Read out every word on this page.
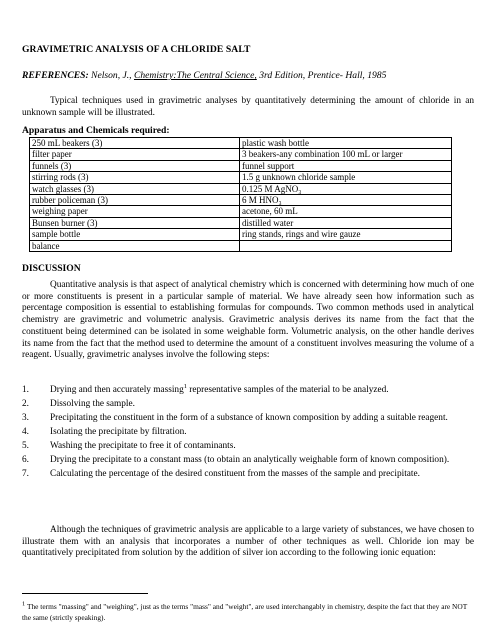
GRAVIMETRIC ANALYSIS OF A CHLORIDE SALT
REFERENCES: Nelson, J., Chemistry:The Central Science, 3rd Edition, Prentice- Hall, 1985
Typical techniques used in gravimetric analyses by quantitatively determining the amount of chloride in an unknown sample will be illustrated.
Apparatus and Chemicals required:
250 mL beakers (3)	plastic wash bottle
filter paper	3 beakers-any combination 100 mL or larger
funnels (3)	funnel support
stirring rods (3)	1.5 g unknown chloride sample
watch glasses (3)	0.125 M AgNO₃
rubber policeman (3)	6 M HNO₃
weighing paper	acetone, 60 mL
Bunsen burner (3)	distilled water
sample bottle	ring stands, rings and wire gauze
balance	
DISCUSSION
Quantitative analysis is that aspect of analytical chemistry which is concerned with determining how much of one or more constituents is present in a particular sample of material. We have already seen how information such as percentage composition is essential to establishing formulas for compounds. Two common methods used in analytical chemistry are gravimetric and volumetric analysis. Gravimetric analysis derives its name from the fact that the constituent being determined can be isolated in some weighable form. Volumetric analysis, on the other handle derives its name from the fact that the method used to determine the amount of a constituent involves measuring the volume of a reagent. Usually, gravimetric analyses involve the following steps:
1. Drying and then accurately massing$^1$ representative samples of the material to be analyzed.
2. Dissolving the sample.
3. Precipitating the constituent in the form of a substance of known composition by adding a suitable reagent.
4. Isolating the precipitate by filtration.
5. Washing the precipitate to free it of contaminants.
6. Drying the precipitate to a constant mass (to obtain an analytically weighable form of known composition).
7. Calculating the percentage of the desired constituent from the masses of the sample and precipitate.
Although the techniques of gravimetric analysis are applicable to a large variety of substances, we have chosen to illustrate them with an analysis that incorporates a number of other techniques as well. Chloride ion may be quantitatively precipitated from solution by the addition of silver ion according to the following ionic equation:
$^1$ The terms "massing" and "weighing", just as the terms "mass" and "weight", are used interchangably in chemistry, despite the fact that they are NOT the same (strictly speaking).
